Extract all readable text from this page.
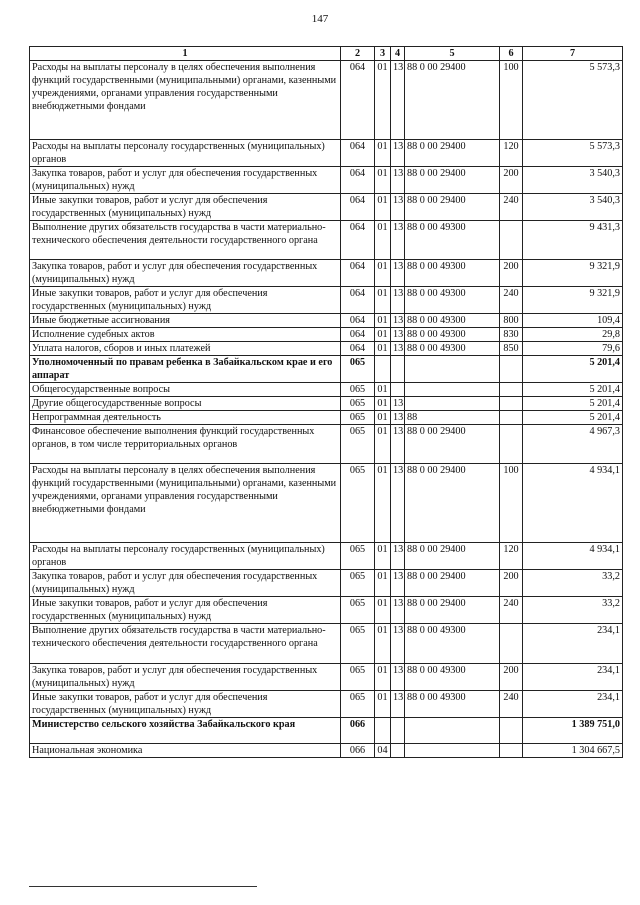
147
1	2	3	4	5	6	7
Расходы на выплаты персоналу в целях обеспечения выполнения функций государственными (муниципальными) органами, казенными учреждениями, органами управления государственными внебюджетными фондами	064	01	13	88 0 00 29400	100	5 573,3
Расходы на выплаты персоналу государственных (муниципальных) органов	064	01	13	88 0 00 29400	120	5 573,3
Закупка товаров, работ и услуг для обеспечения государственных (муниципальных) нужд	064	01	13	88 0 00 29400	200	3 540,3
Иные закупки товаров, работ и услуг для обеспечения государственных (муниципальных) нужд	064	01	13	88 0 00 29400	240	3 540,3
Выполнение других обязательств государства в части материально-технического обеспечения деятельности государственного органа	064	01	13	88 0 00 49300		9 431,3
Закупка товаров, работ и услуг для обеспечения государственных (муниципальных) нужд	064	01	13	88 0 00 49300	200	9 321,9
Иные закупки товаров, работ и услуг для обеспечения государственных (муниципальных) нужд	064	01	13	88 0 00 49300	240	9 321,9
Иные бюджетные ассигнования	064	01	13	88 0 00 49300	800	109,4
Исполнение судебных актов	064	01	13	88 0 00 49300	830	29,8
Уплата налогов, сборов и иных платежей	064	01	13	88 0 00 49300	850	79,6
Уполномоченный по правам ребенка в Забайкальском крае и его аппарат	065					5 201,4
Общегосударственные вопросы	065	01				5 201,4
Другие общегосударственные вопросы	065	01	13			5 201,4
Непрограммная деятельность	065	01	13	88		5 201,4
Финансовое обеспечение выполнения функций государственных органов, в том числе территориальных органов	065	01	13	88 0 00 29400		4 967,3
Расходы на выплаты персоналу в целях обеспечения выполнения функций государственными (муниципальными) органами, казенными учреждениями, органами управления государственными внебюджетными фондами	065	01	13	88 0 00 29400	100	4 934,1
Расходы на выплаты персоналу государственных (муниципальных) органов	065	01	13	88 0 00 29400	120	4 934,1
Закупка товаров, работ и услуг для обеспечения государственных (муниципальных) нужд	065	01	13	88 0 00 29400	200	33,2
Иные закупки товаров, работ и услуг для обеспечения государственных (муниципальных) нужд	065	01	13	88 0 00 29400	240	33,2
Выполнение других обязательств государства в части материально-технического обеспечения деятельности государственного органа	065	01	13	88 0 00 49300		234,1
Закупка товаров, работ и услуг для обеспечения государственных (муниципальных) нужд	065	01	13	88 0 00 49300	200	234,1
Иные закупки товаров, работ и услуг для обеспечения государственных (муниципальных) нужд	065	01	13	88 0 00 49300	240	234,1
Министерство сельского хозяйства Забайкальского края	066					1 389 751,0
Национальная экономика	066	04				1 304 667,5
